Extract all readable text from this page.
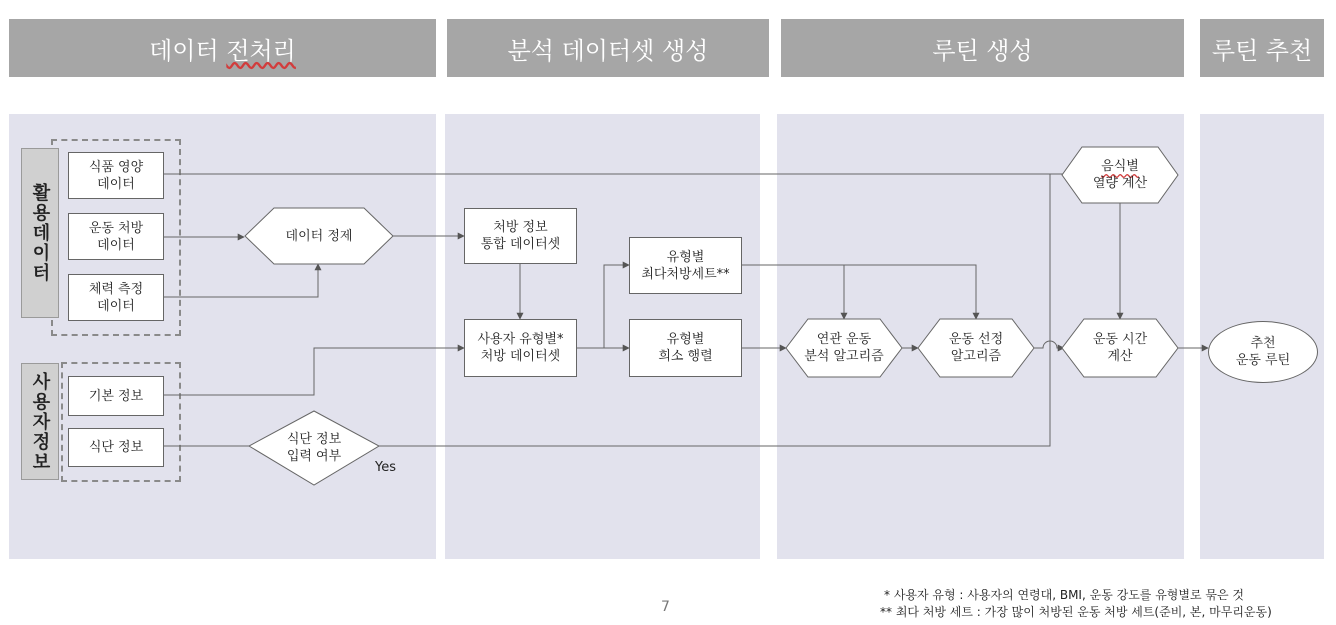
데이터
전처리	분석 데이터셋 생성	루틴 생성	루틴 추천
활용데이터
사용자정보
식품 영양
데이터
운동 처방
데이터
체력 측정
데이터
기본 정보
식단 정보
처방 정보
통합 데이터셋
사용자 유형별*
처방 데이터셋
유형별
최다처방세트**
유형별
희소 행렬
데이터 정제
식단 정보
입력 여부
연관 운동
분석 알고리즘
운동 선정
알고리즘
음식별
열량 계산
운동 시간
계산
추천
운동 루틴
Yes
7
* 사용자 유형 : 사용자의 연령대, BMI, 운동 강도를 유형별로 묶은 것
** 최다 처방 세트 : 가장 많이 처방된 운동 처방 세트(준비, 본, 마무리운동)
